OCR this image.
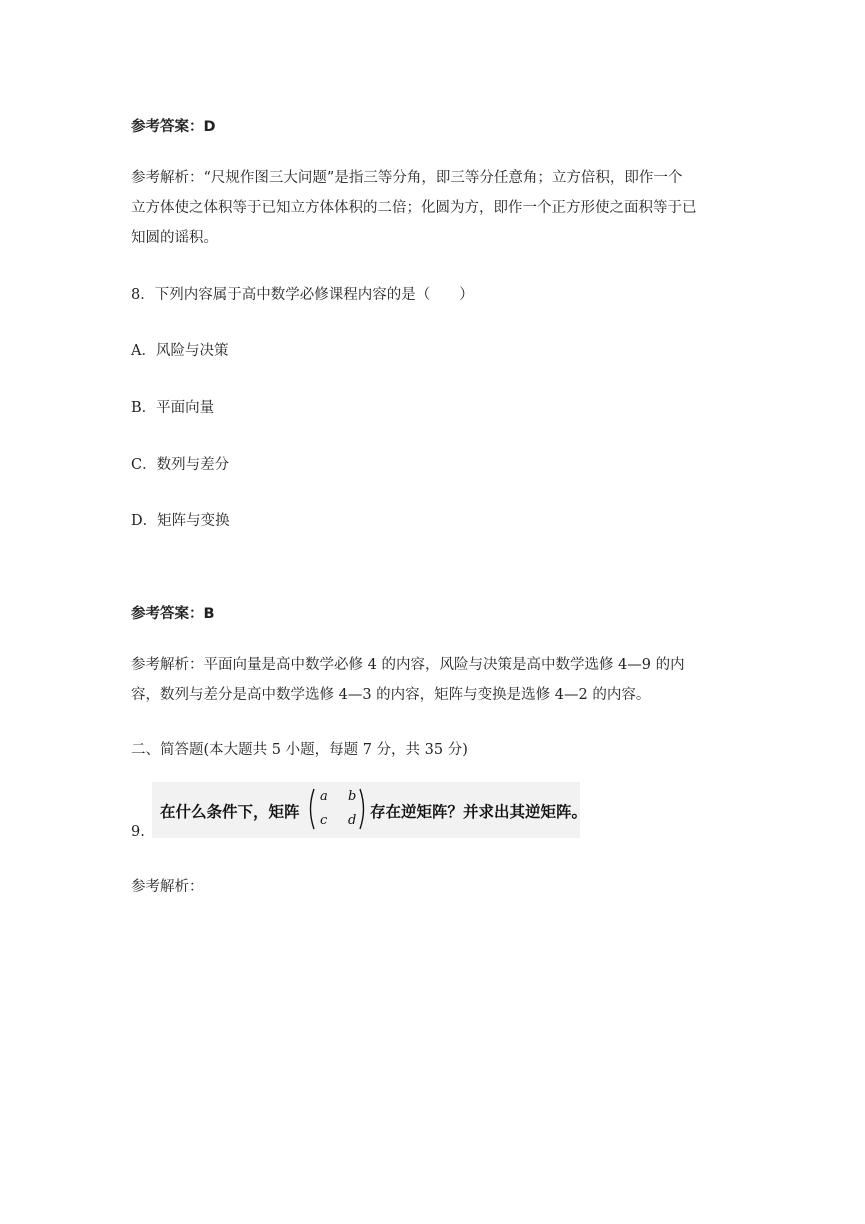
参考答案：D
参考解析：“尺规作图三大问题”是指三等分角，即三等分任意角；立方倍积，即作一个
立方体使之体积等于已知立方体体积的二倍；化圆为方，即作一个正方形使之面积等于已
知圆的谣积。
8．下列内容属于高中数学必修课程内容的是（　　）
A．风险与决策
B．平面向量
C．数列与差分
D．矩阵与变换
参考答案：B
参考解析：平面向量是高中数学必修 4 的内容，风险与决策是高中数学选修 4—9 的内
容，数列与差分是高中数学选修 4—3 的内容，矩阵与变换是选修 4—2 的内容。
二、简答题(本大题共 5 小题，每题 7 分，共 35 分)
9.
在什么条件下，矩阵
a b
c d 存在逆矩阵？并求出其逆矩阵。
参考解析：
